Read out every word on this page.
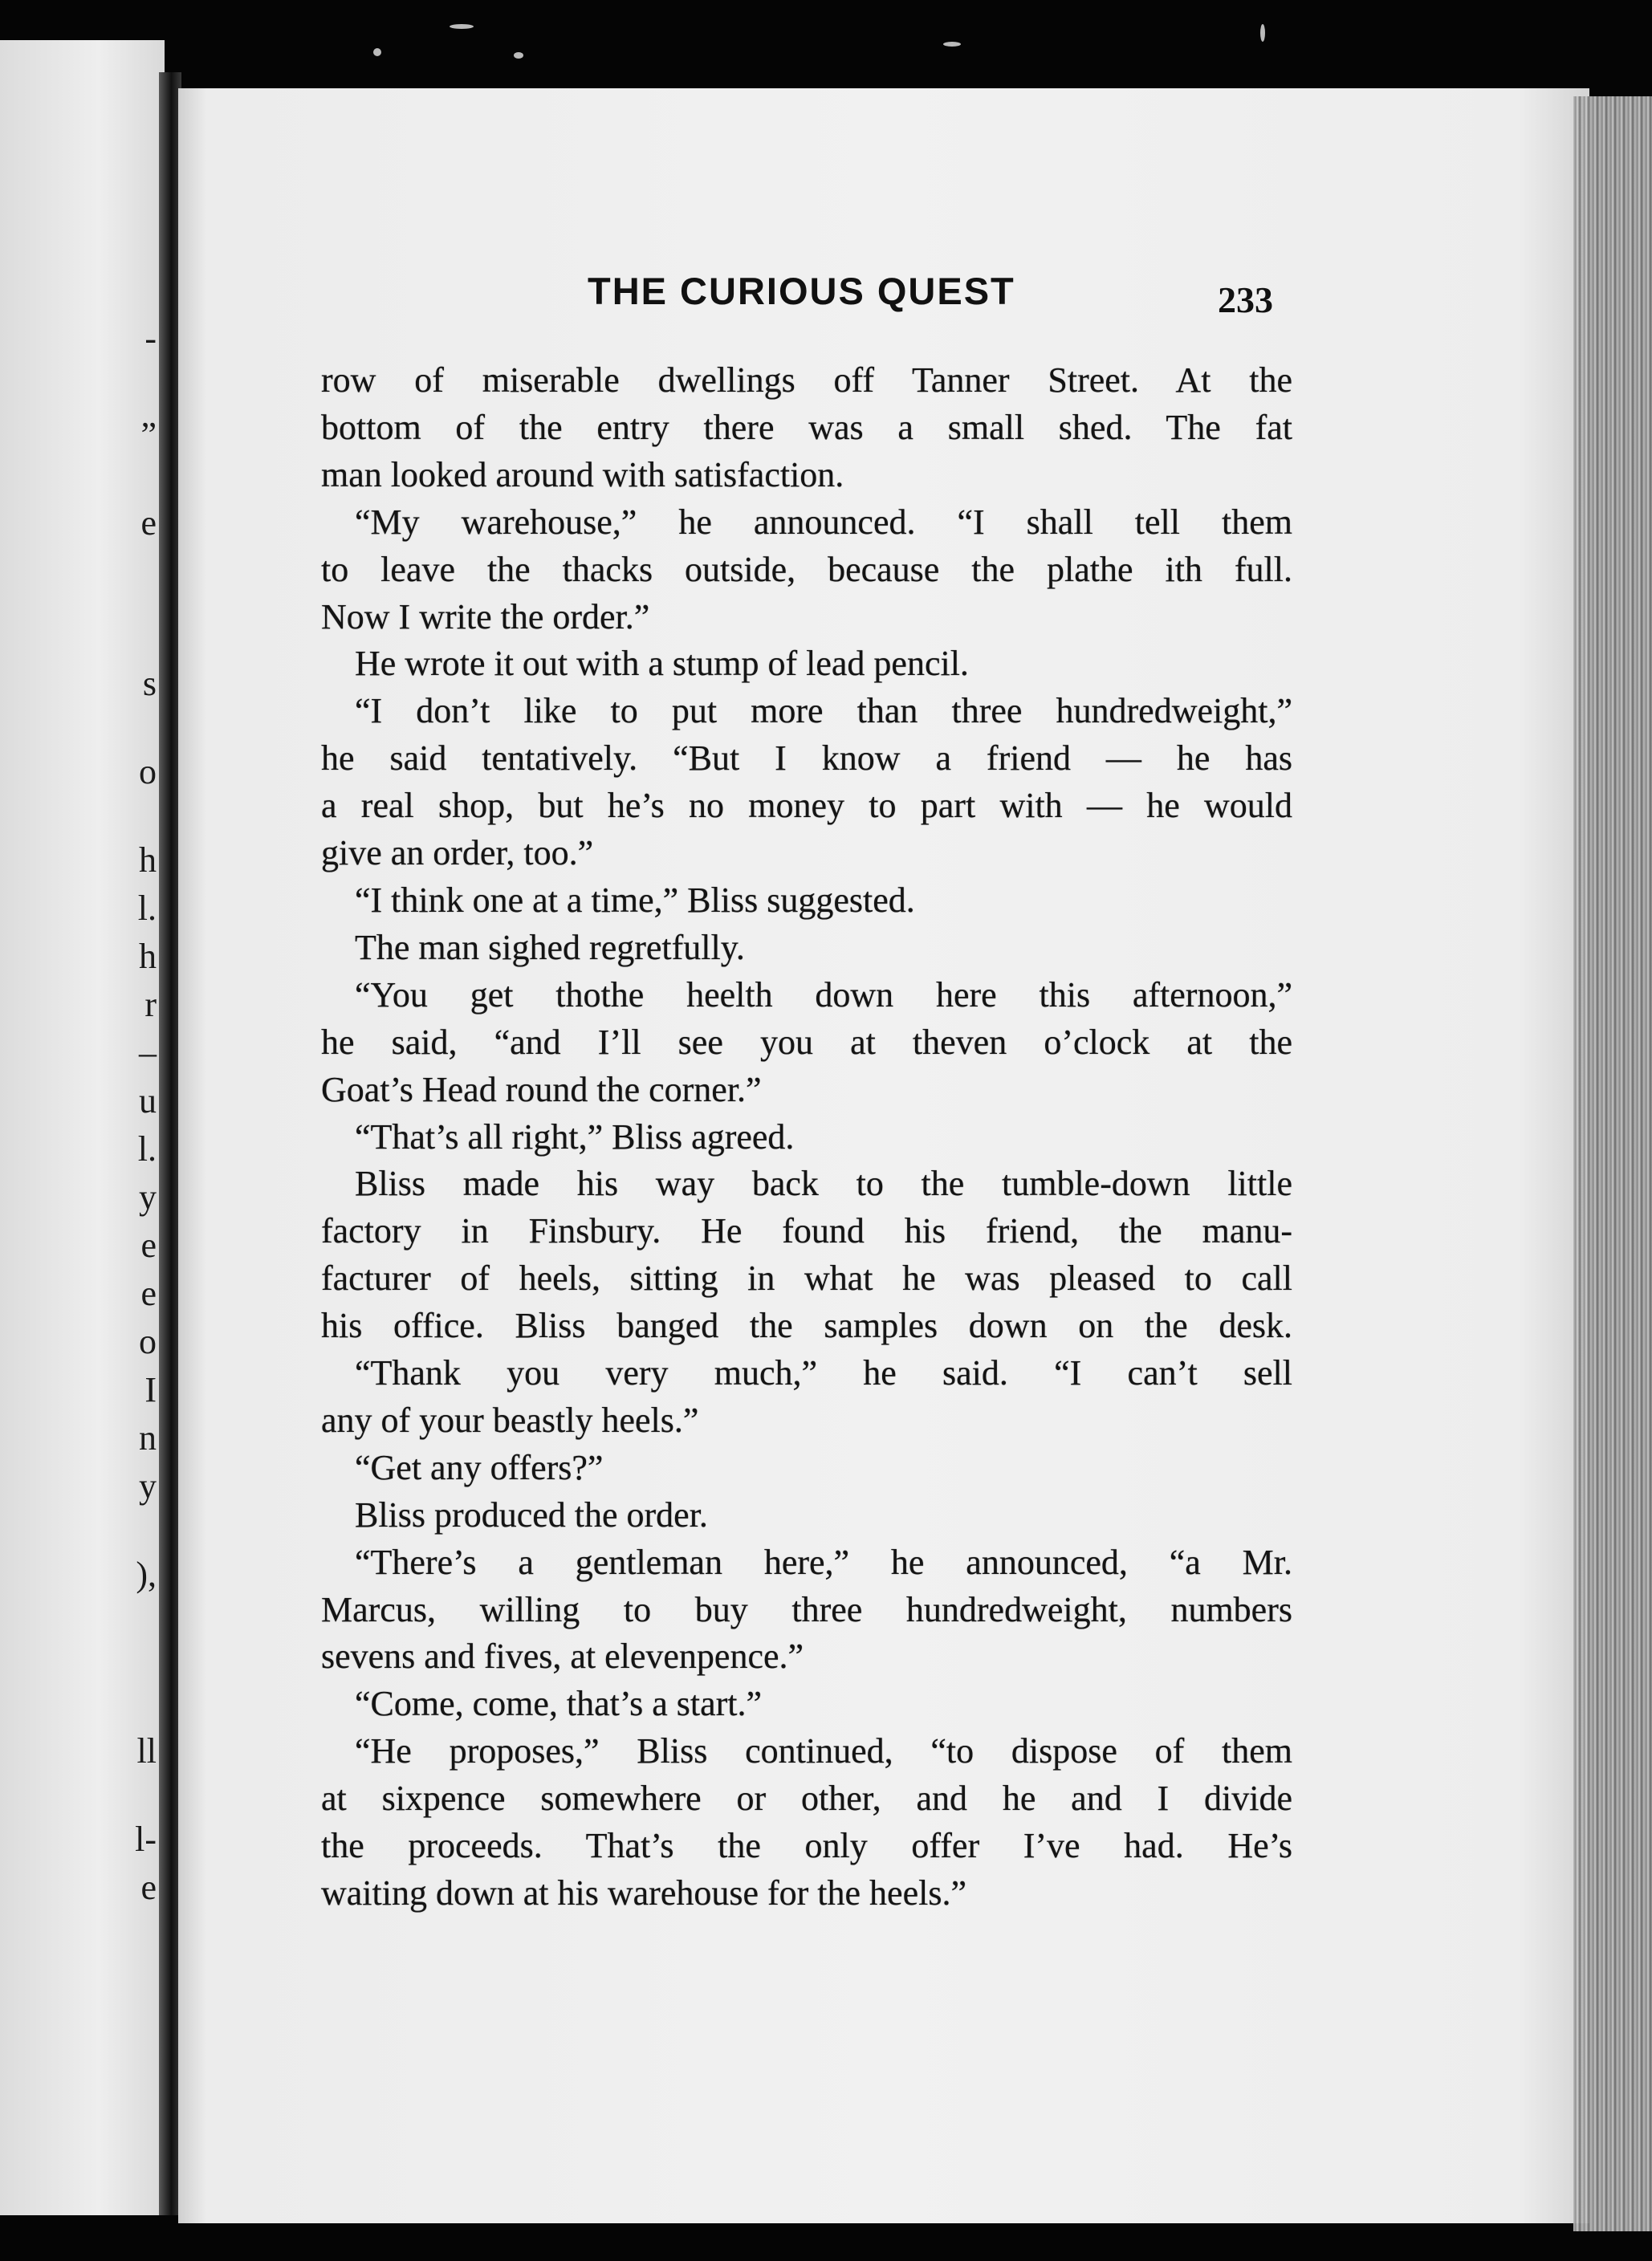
-
”
e
s
o
h
l.
h
r
–
u
l.
y
e
e
o
I
n
y
),
ll
l-
e
THE CURIOUS QUEST	233
row of miserable dwellings off Tanner Street. At the
bottom of the entry there was a small shed. The fat
man looked around with satisfaction.
“My warehouse,” he announced. “I shall tell them
to leave the thacks outside, because the plathe ith full.
Now I write the order.”
He wrote it out with a stump of lead pencil.
“I don’t like to put more than three hundredweight,”
he said tentatively. “But I know a friend — he has
a real shop, but he’s no money to part with — he would
give an order, too.”
“I think one at a time,” Bliss suggested.
The man sighed regretfully.
“You get thothe heelth down here this afternoon,”
he said, “and I’ll see you at theven o’clock at the
Goat’s Head round the corner.”
“That’s all right,” Bliss agreed.
Bliss made his way back to the tumble-down little
factory in Finsbury. He found his friend, the manu-
facturer of heels, sitting in what he was pleased to call
his office. Bliss banged the samples down on the desk.
“Thank you very much,” he said. “I can’t sell
any of your beastly heels.”
“Get any offers?”
Bliss produced the order.
“There’s a gentleman here,” he announced, “a Mr.
Marcus, willing to buy three hundredweight, numbers
sevens and fives, at elevenpence.”
“Come, come, that’s a start.”
“He proposes,” Bliss continued, “to dispose of them
at sixpence somewhere or other, and he and I divide
the proceeds. That’s the only offer I’ve had. He’s
waiting down at his warehouse for the heels.”
